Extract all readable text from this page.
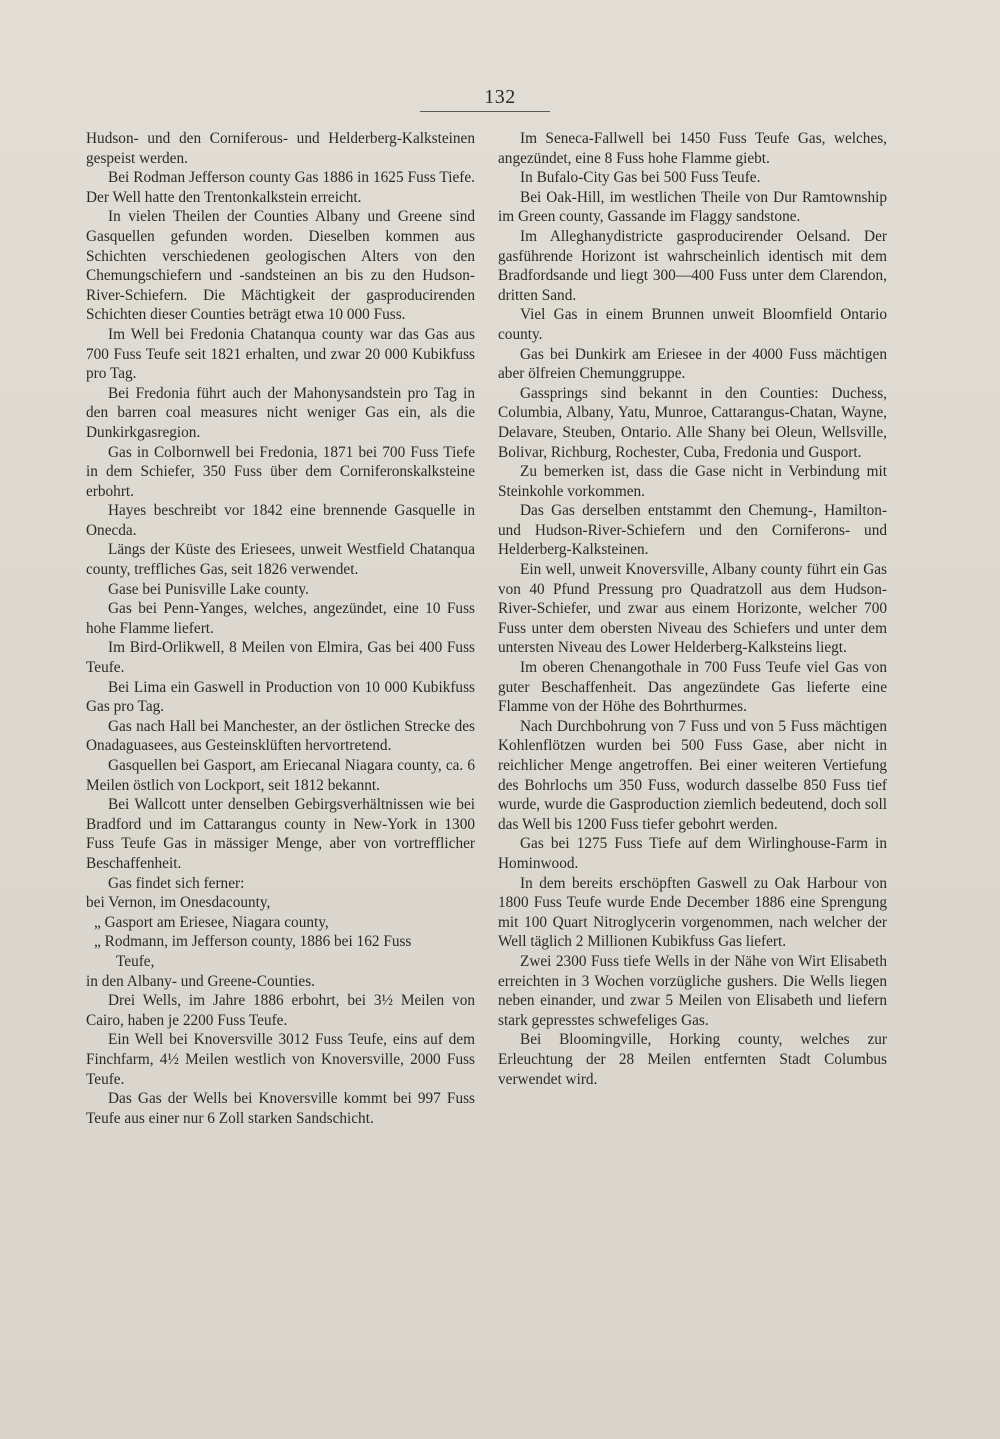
132

Hudson- und den Corniferous- und Helderberg-Kalksteinen gespeist werden.

Bei Rodman Jefferson county Gas 1886 in 1625 Fuss Tiefe. Der Well hatte den Trentonkalkstein erreicht.

In vielen Theilen der Counties Albany und Greene sind Gasquellen gefunden worden. Dieselben kommen aus Schichten verschiedenen geologischen Alters von den Chemungschiefern und -sandsteinen an bis zu den Hudson-River-Schiefern. Die Mächtigkeit der gasproducirenden Schichten dieser Counties beträgt etwa 10 000 Fuss.

Im Well bei Fredonia Chatanqua county war das Gas aus 700 Fuss Teufe seit 1821 erhalten, und zwar 20 000 Kubikfuss pro Tag.

Bei Fredonia führt auch der Mahonysandstein pro Tag in den barren coal measures nicht weniger Gas ein, als die Dunkirkgasregion.

Gas in Colbornwell bei Fredonia, 1871 bei 700 Fuss Tiefe in dem Schiefer, 350 Fuss über dem Corniferonskalksteine erbohrt.

Hayes beschreibt vor 1842 eine brennende Gasquelle in Onecda.

Längs der Küste des Eriesees, unweit Westfield Chatanqua county, treffliches Gas, seit 1826 verwendet.

Gase bei Punisville Lake county.

Gas bei Penn-Yanges, welches, angezündet, eine 10 Fuss hohe Flamme liefert.

Im Bird-Orlikwell, 8 Meilen von Elmira, Gas bei 400 Fuss Teufe.

Bei Lima ein Gaswell in Production von 10 000 Kubikfuss Gas pro Tag.

Gas nach Hall bei Manchester, an der östlichen Strecke des Onadaguasees, aus Gesteinsklüften hervortretend.

Gasquellen bei Gasport, am Eriecanal Niagara county, ca. 6 Meilen östlich von Lockport, seit 1812 bekannt.

Bei Wallcott unter denselben Gebirgsverhältnissen wie bei Bradford und im Cattarangus county in New-York in 1300 Fuss Teufe Gas in mässiger Menge, aber von vortrefflicher Beschaffenheit.

Gas findet sich ferner:

bei Vernon, im Onesdacounty,

„ Gasport am Eriesee, Niagara county,

„ Rodmann, im Jefferson county, 1886 bei 162 Fuss

Teufe,

in den Albany- und Greene-Counties.

Drei Wells, im Jahre 1886 erbohrt, bei 3½ Meilen von Cairo, haben je 2200 Fuss Teufe.

Ein Well bei Knoversville 3012 Fuss Teufe, eins auf dem Finchfarm, 4½ Meilen westlich von Knoversville, 2000 Fuss Teufe.

Das Gas der Wells bei Knoversville kommt bei 997 Fuss Teufe aus einer nur 6 Zoll starken Sandschicht.

Im Seneca-Fallwell bei 1450 Fuss Teufe Gas, welches, angezündet, eine 8 Fuss hohe Flamme giebt.

In Bufalo-City Gas bei 500 Fuss Teufe.

Bei Oak-Hill, im westlichen Theile von Dur Ramtownship im Green county, Gassande im Flaggy sandstone.

Im Alleghanydistricte gasproducirender Oelsand. Der gasführende Horizont ist wahrscheinlich identisch mit dem Bradfordsande und liegt 300—400 Fuss unter dem Clarendon, dritten Sand.

Viel Gas in einem Brunnen unweit Bloomfield Ontario county.

Gas bei Dunkirk am Eriesee in der 4000 Fuss mächtigen aber ölfreien Chemunggruppe.

Gassprings sind bekannt in den Counties: Duchess, Columbia, Albany, Yatu, Munroe, Cattarangus-Chatan, Wayne, Delavare, Steuben, Ontario. Alle Shany bei Oleun, Wellsville, Bolivar, Richburg, Rochester, Cuba, Fredonia und Gusport.

Zu bemerken ist, dass die Gase nicht in Verbindung mit Steinkohle vorkommen.

Das Gas derselben entstammt den Chemung-, Hamilton- und Hudson-River-Schiefern und den Corniferons- und Helderberg-Kalksteinen.

Ein well, unweit Knoversville, Albany county führt ein Gas von 40 Pfund Pressung pro Quadratzoll aus dem Hudson-River-Schiefer, und zwar aus einem Horizonte, welcher 700 Fuss unter dem obersten Niveau des Schiefers und unter dem untersten Niveau des Lower Helderberg-Kalksteins liegt.

Im oberen Chenangothale in 700 Fuss Teufe viel Gas von guter Beschaffenheit. Das angezündete Gas lieferte eine Flamme von der Höhe des Bohrthurmes.

Nach Durchbohrung von 7 Fuss und von 5 Fuss mächtigen Kohlenflötzen wurden bei 500 Fuss Gase, aber nicht in reichlicher Menge angetroffen. Bei einer weiteren Vertiefung des Bohrlochs um 350 Fuss, wodurch dasselbe 850 Fuss tief wurde, wurde die Gasproduction ziemlich bedeutend, doch soll das Well bis 1200 Fuss tiefer gebohrt werden.

Gas bei 1275 Fuss Tiefe auf dem Wirlinghouse-Farm in Hominwood.

In dem bereits erschöpften Gaswell zu Oak Harbour von 1800 Fuss Teufe wurde Ende December 1886 eine Sprengung mit 100 Quart Nitroglycerin vorgenommen, nach welcher der Well täglich 2 Millionen Kubikfuss Gas liefert.

Zwei 2300 Fuss tiefe Wells in der Nähe von Wirt Elisabeth erreichten in 3 Wochen vorzügliche gushers. Die Wells liegen neben einander, und zwar 5 Meilen von Elisabeth und liefern stark gepresstes schwefeliges Gas.

Bei Bloomingville, Horking county, welches zur Erleuchtung der 28 Meilen entfernten Stadt Columbus verwendet wird.
